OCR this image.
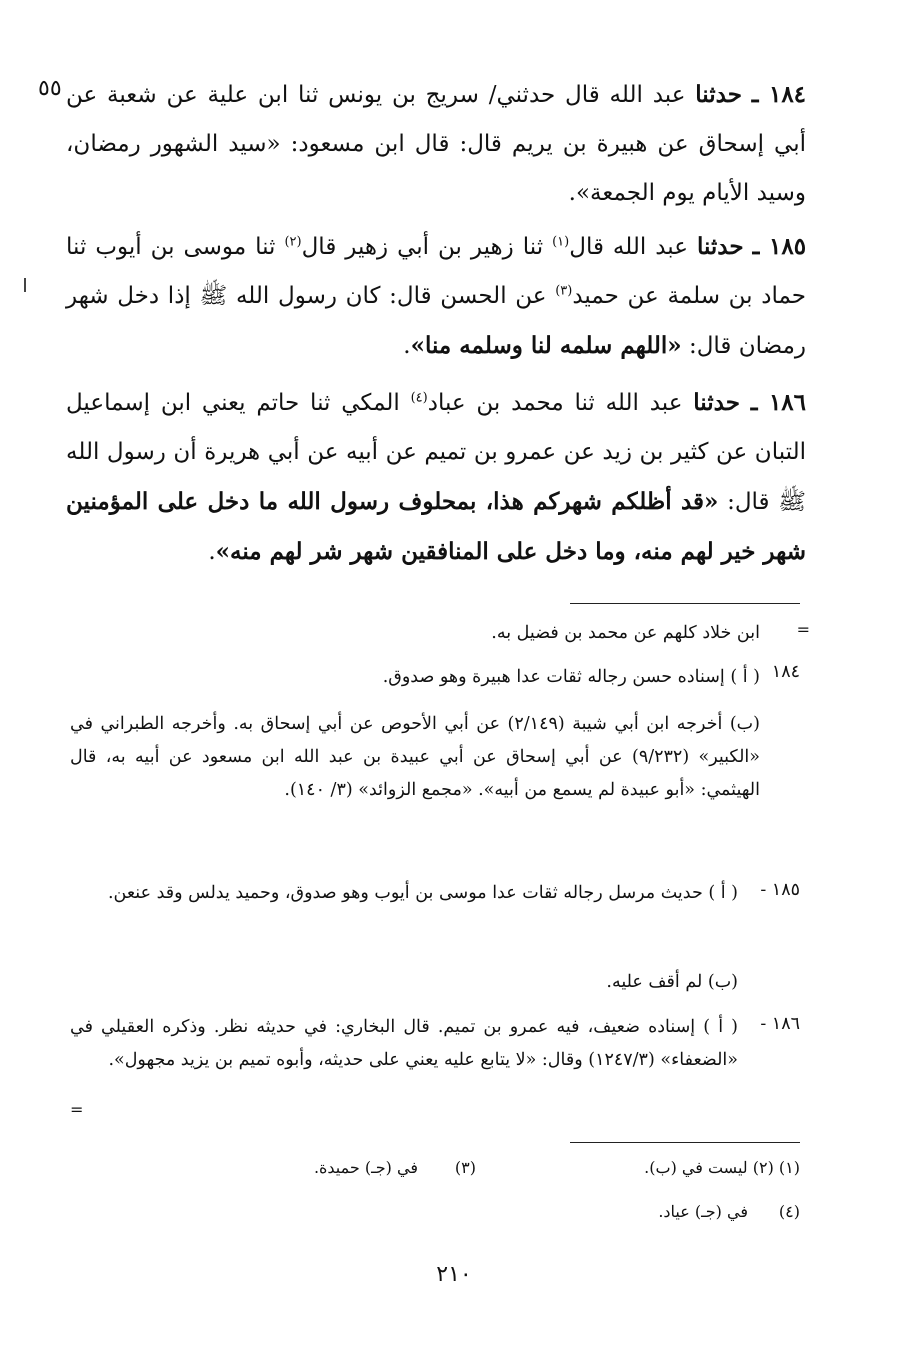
١٨٤ ـ حدثنا عبد الله قال حدثني/ سريج بن يونس ثنا ابن علية عن شعبة عن أبي إسحاق عن هبيرة بن يريم قال: قال ابن مسعود: «سيد الشهور رمضان، وسيد الأيام يوم الجمعة».

٥٥

١٨٥ ـ حدثنا عبد الله قال$^{(١)}$ ثنا زهير بن أبي زهير قال$^{(٢)}$ ثنا موسى بن أيوب ثنا حماد بن سلمة عن حميد$^{(٣)}$ عن الحسن قال: كان رسول الله ﷺ إذا دخل شهر رمضان قال: «اللهم سلمه لنا وسلمه منا».

١٨٦ ـ حدثنا عبد الله ثنا محمد بن عباد$^{(٤)}$ المكي ثنا حاتم يعني ابن إسماعيل التبان عن كثير بن زيد عن عمرو بن تميم عن أبيه عن أبي هريرة أن رسول الله ﷺ قال: «قد أظلكم شهركم هذا، بمحلوف رسول الله ما دخل على المؤمنين شهر خير لهم منه، وما دخل على المنافقين شهر شر لهم منه».

=

ابن خلاد كلهم عن محمد بن فضيل به.

١٨٤

( أ ) إسناده حسن رجاله ثقات عدا هبيرة وهو صدوق.

(ب) أخرجه ابن أبي شيبة (٢/١٤٩) عن أبي الأحوص عن أبي إسحاق به. وأخرجه الطبراني في «الكبير» (٩/٢٣٢) عن أبي إسحاق عن أبي عبيدة بن عبد الله ابن مسعود عن أبيه به، قال الهيثمي: «أبو عبيدة لم يسمع من أبيه». «مجمع الزوائد» (٣/ ١٤٠).

١٨٥ -

( أ ) حديث مرسل رجاله ثقات عدا موسى بن أيوب وهو صدوق، وحميد يدلس وقد عنعن.

(ب) لم أقف عليه.

١٨٦ -

( أ ) إسناده ضعيف، فيه عمرو بن تميم. قال البخاري: في حديثه نظر. وذكره العقيلي في «الضعفاء» (١٢٤٧/٣) وقال: «لا يتابع عليه يعني على حديثه، وأبوه تميم بن يزيد مجهول».

=
(١) (٢) ليست في (ب).
(٣)
في (جـ) حميدة.
(٤)
في (جـ) عياد.
٢١٠
